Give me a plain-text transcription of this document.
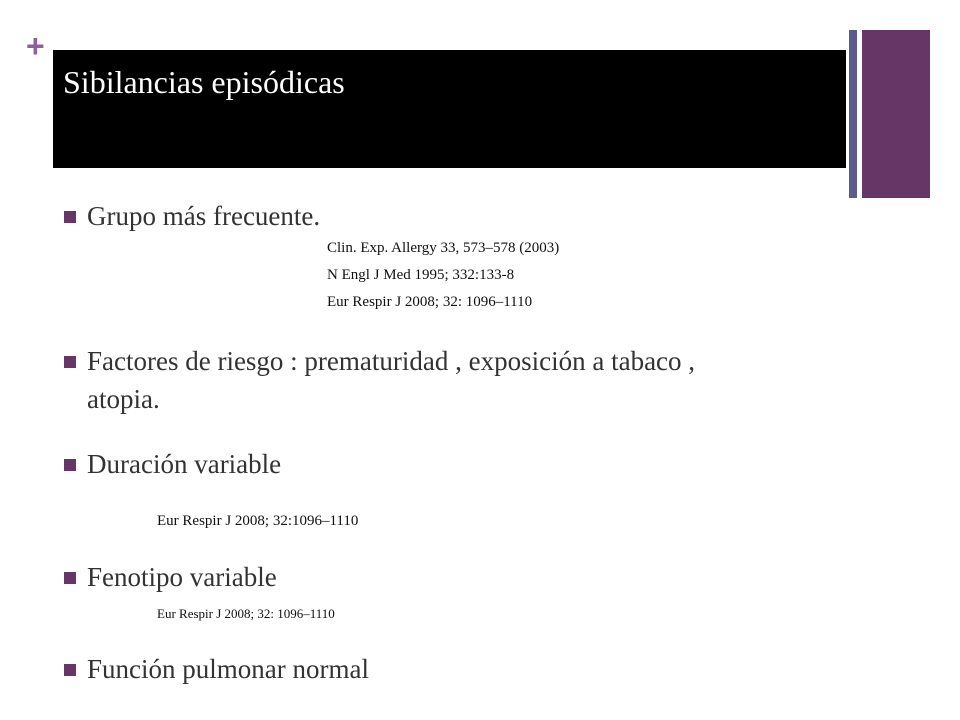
+
Sibilancias episódicas
Grupo más frecuente.
Clin. Exp. Allergy 33, 573–578 (2003)
N Engl J Med 1995; 332:133-8
Eur Respir J 2008; 32: 1096–1110
Factores de riesgo : prematuridad , exposición a tabaco ,
atopia.
Duración variable
Eur Respir J 2008; 32:1096–1110
Fenotipo variable
Eur Respir J 2008; 32: 1096–1110
Función pulmonar normal
